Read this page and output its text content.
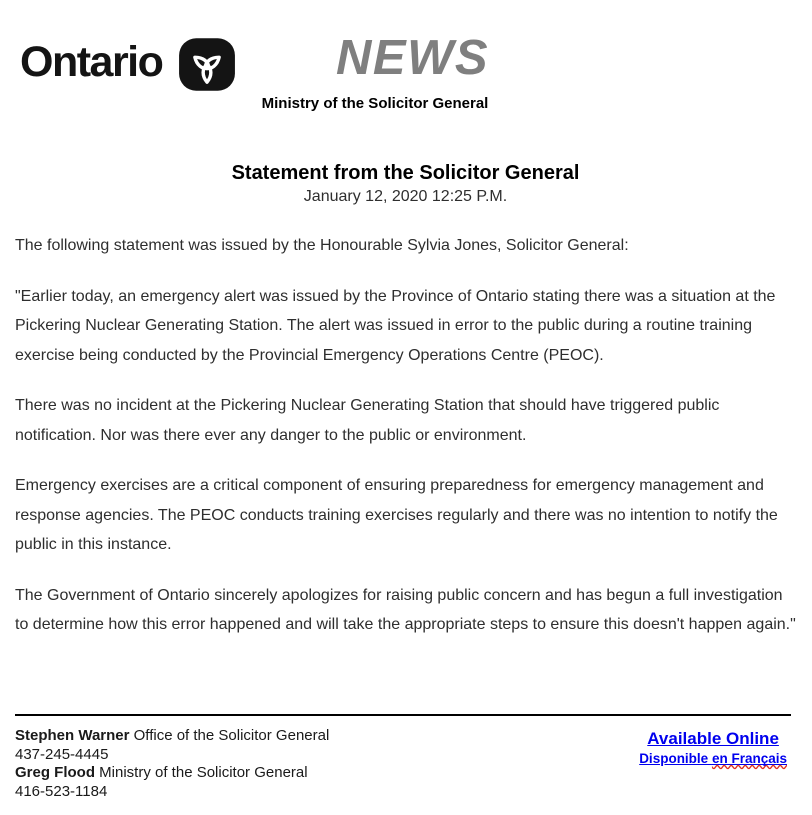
Ontario	NEWS
Ministry of the Solicitor General
Statement from the Solicitor General
January 12, 2020 12:25 P.M.

The following statement was issued by the Honourable Sylvia Jones, Solicitor General:

"Earlier today, an emergency alert was issued by the Province of Ontario stating there was a situation at the Pickering Nuclear Generating Station. The alert was issued in error to the public during a routine training exercise being conducted by the Provincial Emergency Operations Centre (PEOC).

There was no incident at the Pickering Nuclear Generating Station that should have triggered public notification. Nor was there ever any danger to the public or environment.

Emergency exercises are a critical component of ensuring preparedness for emergency management and response agencies. The PEOC conducts training exercises regularly and there was no intention to notify the public in this instance.

The Government of Ontario sincerely apologizes for raising public concern and has begun a full investigation to determine how this error happened and will take the appropriate steps to ensure this doesn't happen again."

Stephen Warner Office of the Solicitor General
437-245-4445
Greg Flood Ministry of the Solicitor General
416-523-1184
Available Online
Disponible en Français
